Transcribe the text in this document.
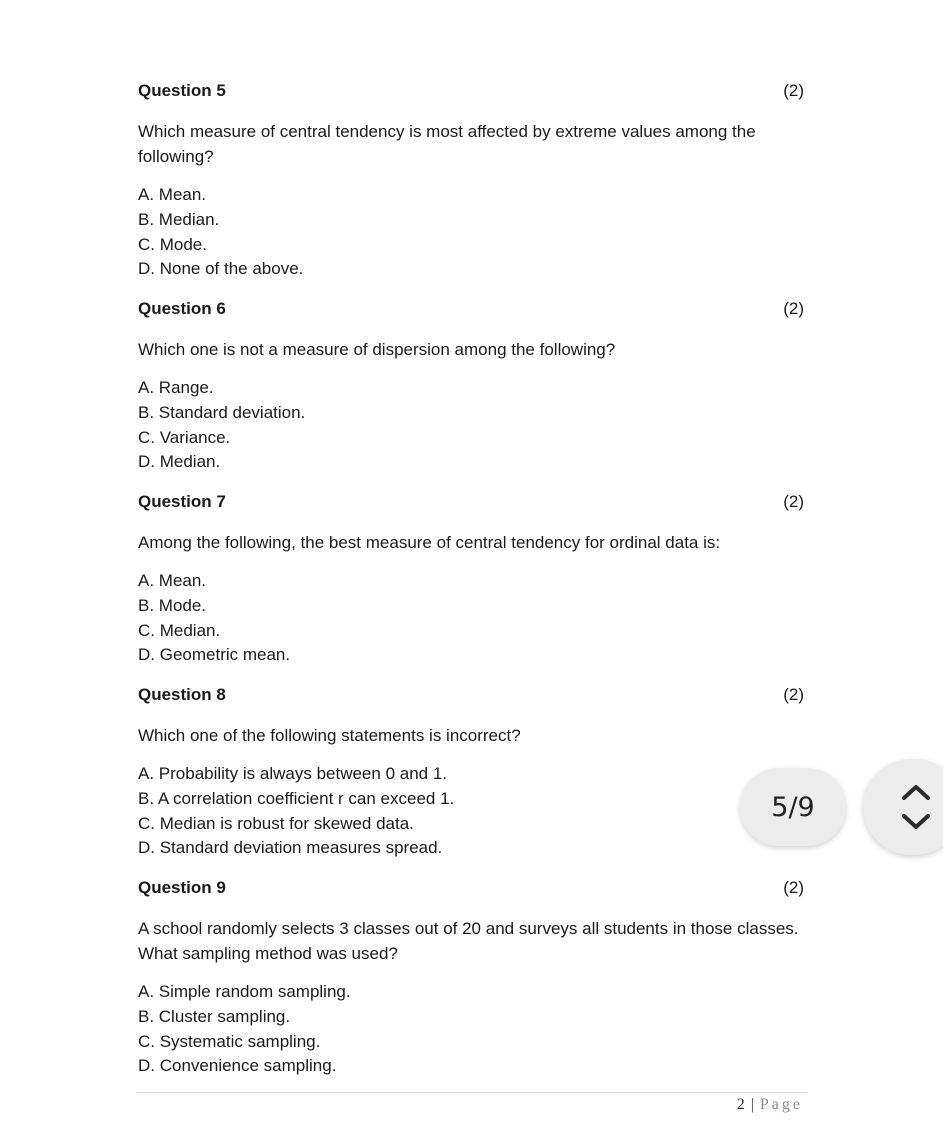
Question 5	(2)
Which measure of central tendency is most affected by extreme values among the following?
A. Mean.
B. Median.
C. Mode.
D. None of the above.
Question 6	(2)
Which one is not a measure of dispersion among the following?
A. Range.
B. Standard deviation.
C. Variance.
D. Median.
Question 7	(2)
Among the following, the best measure of central tendency for ordinal data is:
A. Mean.
B. Mode.
C. Median.
D. Geometric mean.
Question 8	(2)
Which one of the following statements is incorrect?
A. Probability is always between 0 and 1.
B. A correlation coefficient r can exceed 1.
C. Median is robust for skewed data.
D. Standard deviation measures spread.
Question 9	(2)
A school randomly selects 3 classes out of 20 and surveys all students in those classes. What sampling method was used?
A. Simple random sampling.
B. Cluster sampling.
C. Systematic sampling.
D. Convenience sampling.
2 | Page
5/9
